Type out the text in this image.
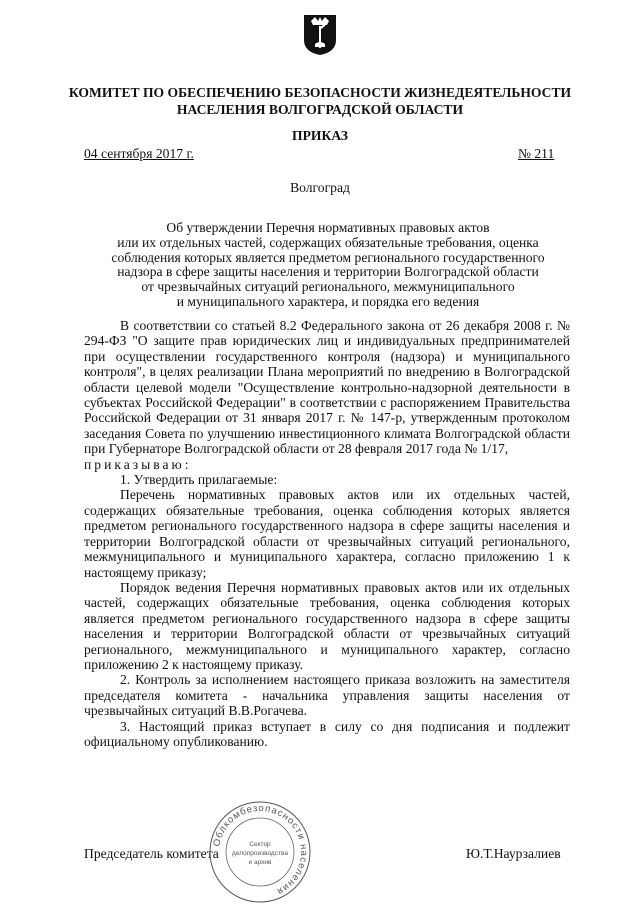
КОМИТЕТ ПО ОБЕСПЕЧЕНИЮ БЕЗОПАСНОСТИ ЖИЗНЕДЕЯТЕЛЬНОСТИ
НАСЕЛЕНИЯ ВОЛГОГРАДСКОЙ ОБЛАСТИ
ПРИКАЗ
04 сентября 2017 г.	№ 211
Волгоград
Об утверждении Перечня нормативных правовых актов
или их отдельных частей, содержащих обязательные требования, оценка
соблюдения которых является предметом регионального государственного
надзора в сфере защиты населения и территории Волгоградской области
от чрезвычайных ситуаций регионального, межмуниципального
и муниципального характера, и порядка его ведения

В соответствии со статьей 8.2 Федерального закона от 26 декабря 2008 г. № 294-ФЗ "О защите прав юридических лиц и индивидуальных предпринимателей при осуществлении государственного контроля (надзора) и муниципального контроля", в целях реализации Плана мероприятий по внедрению в Волгоградской области целевой модели "Осуществление контрольно-надзорной деятельности в субъектах Российской Федерации" в соответствии с распоряжением Правительства Российской Федерации от 31 января 2017 г. № 147-р, утвержденным протоколом заседания Совета по улучшению инвестиционного климата Волгоградской области при Губернаторе Волгоградской области от 28 февраля 2017 года № 1/17,

приказываю:

1. Утвердить прилагаемые:

Перечень нормативных правовых актов или их отдельных частей, содержащих обязательные требования, оценка соблюдения которых является предметом регионального государственного надзора в сфере защиты населения и территории Волгоградской области от чрезвычайных ситуаций регионального, межмуниципального и муниципального характера, согласно приложению 1 к настоящему приказу;

Порядок ведения Перечня нормативных правовых актов или их отдельных частей, содержащих обязательные требования, оценка соблюдения которых является предметом регионального государственного надзора в сфере защиты населения и территории Волгоградской области от чрезвычайных ситуаций регионального, межмуниципального и муниципального характер, согласно приложению 2 к настоящему приказу.

2. Контроль за исполнением настоящего приказа возложить на заместителя председателя комитета - начальника управления защиты населения от чрезвычайных ситуаций В.В.Рогачева.

3. Настоящий приказ вступает в силу со дня подписания и подлежит официальному опубликованию.

Председатель комитета	Ю.Т.Наурзалиев
Облкомбезопасности населения
Сектор
делопроизводства
и архив
